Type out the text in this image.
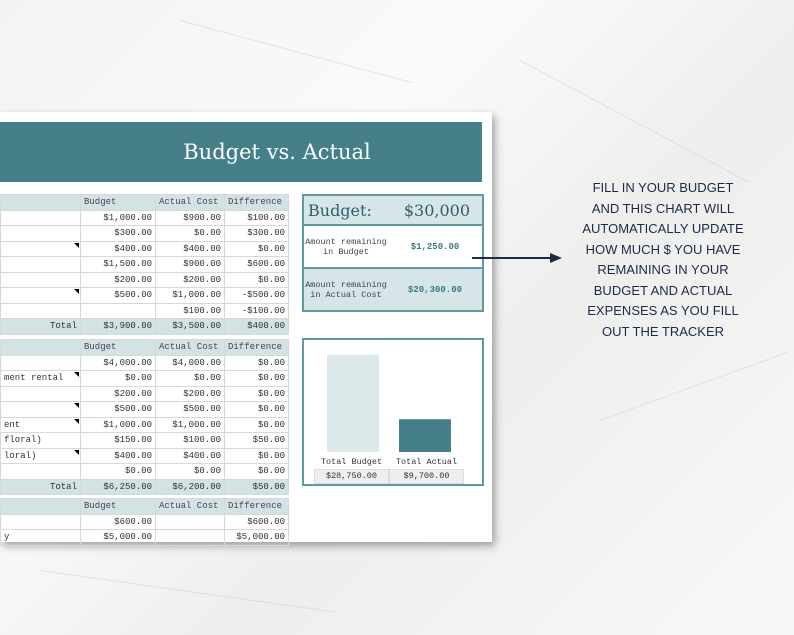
Budget vs. Actual
	Budget	Actual Cost	Difference
	$1,000.00	$900.00	$100.00
	$300.00	$0.00	$300.00

	$400.00	$400.00	$0.00
	$1,500.00	$900.00	$600.00
	$200.00	$200.00	$0.00

	$500.00	$1,000.00	-$500.00
		$100.00	-$100.00
Total	$3,900.00	$3,500.00	$400.00
	Budget	Actual Cost	Difference
	$4,000.00	$4,000.00	$0.00
ment rental	$0.00	$0.00	$0.00
	$200.00	$200.00	$0.00

	$500.00	$500.00	$0.00
ent	$1,000.00	$1,000.00	$0.00
floral)	$150.00	$100.00	$50.00
loral)	$400.00	$400.00	$0.00
	$0.00	$0.00	$0.00
Total	$6,250.00	$6,200.00	$50.00
	Budget	Actual Cost	Difference
	$600.00		$600.00
y	$5,000.00		$5,000.00
Budget: $30,000
Amount remaining in Budget	$1,250.00
Amount remaining in Actual Cost	$20,300.00
Total Budget	Total Actual
$28,750.00	$9,700.00
FILL IN YOUR BUDGET
AND THIS CHART WILL
AUTOMATICALLY UPDATE
HOW MUCH $ YOU HAVE
REMAINING IN YOUR
BUDGET AND ACTUAL
EXPENSES AS YOU FILL
OUT THE TRACKER
